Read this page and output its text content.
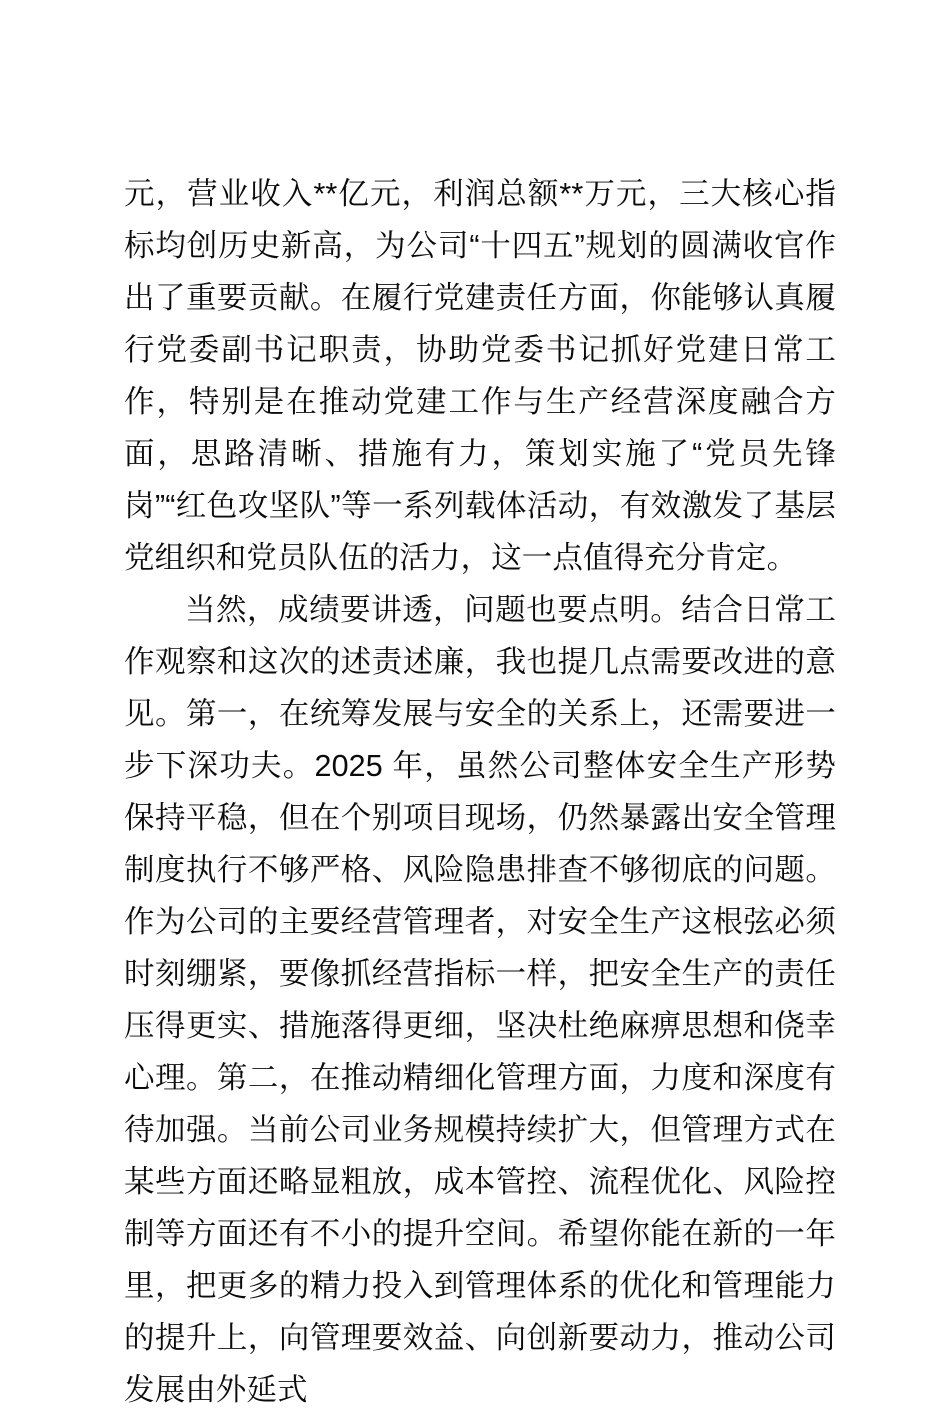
元，营业收入**亿元，利润总额**万元，三大核心指标均创历史新高，为公司“十四五”规划的圆满收官作出了重要贡献。在履行党建责任方面，你能够认真履行党委副书记职责，协助党委书记抓好党建日常工作，特别是在推动党建工作与生产经营深度融合方面，思路清晰、措施有力，策划实施了“党员先锋岗”“红色攻坚队”等一系列载体活动，有效激发了基层党组织和党员队伍的活力，这一点值得充分肯定。

当然，成绩要讲透，问题也要点明。结合日常工作观察和这次的述责述廉，我也提几点需要改进的意见。第一，在统筹发展与安全的关系上，还需要进一步下深功夫。2025 年，虽然公司整体安全生产形势保持平稳，但在个别项目现场，仍然暴露出安全管理制度执行不够严格、风险隐患排查不够彻底的问题。作为公司的主要经营管理者，对安全生产这根弦必须时刻绷紧，要像抓经营指标一样，把安全生产的责任压得更实、措施落得更细，坚决杜绝麻痹思想和侥幸心理。第二，在推动精细化管理方面，力度和深度有待加强。当前公司业务规模持续扩大，但管理方式在某些方面还略显粗放，成本管控、流程优化、风险控制等方面还有不小的提升空间。希望你能在新的一年里，把更多的精力投入到管理体系的优化和管理能力的提升上，向管理要效益、向创新要动力，推动公司发展由外延式
